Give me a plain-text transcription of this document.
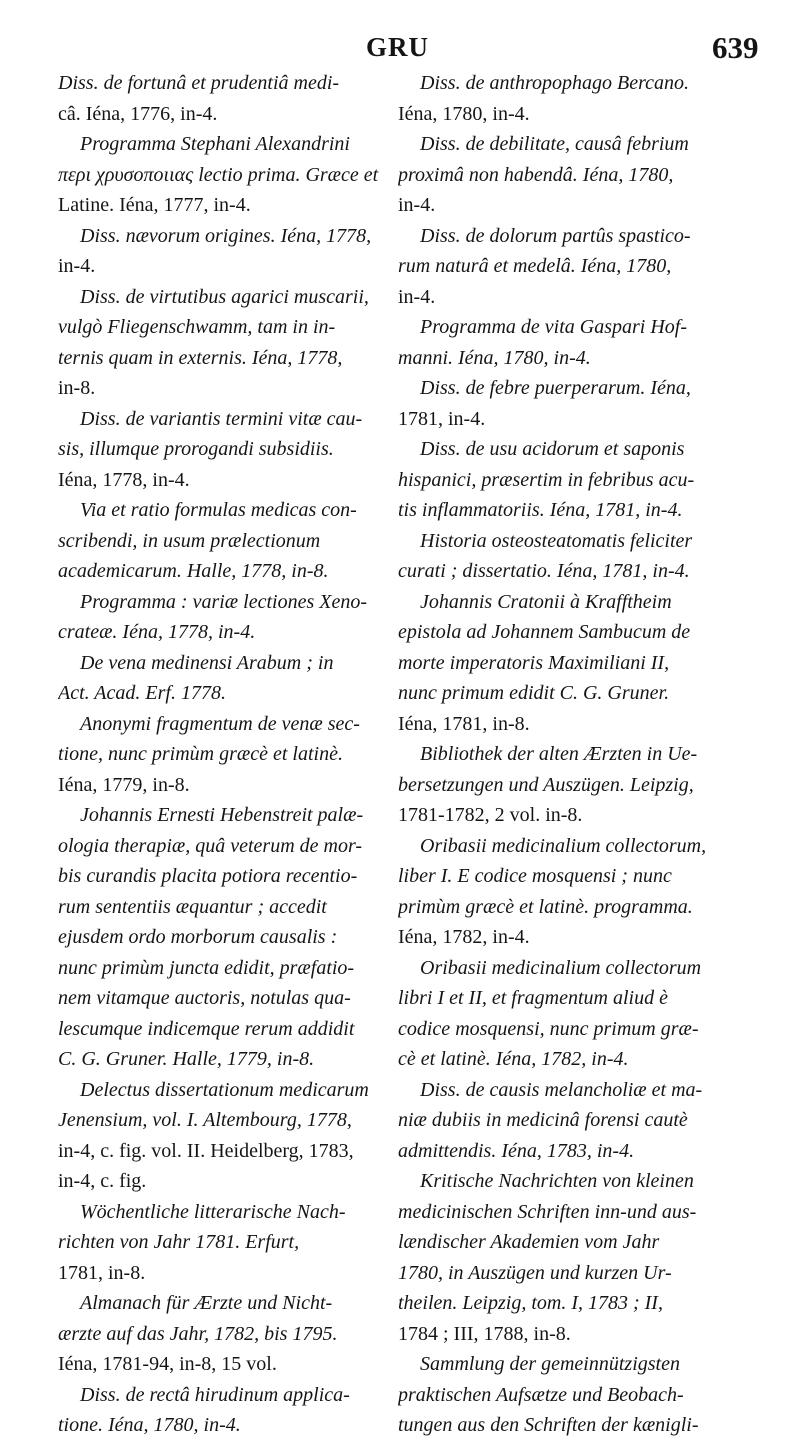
GRU	639
Diss. de fortunâ et prudentiâ medi-
câ. Iéna, 1776, in-4.
Programma Stephani Alexandrini
περι χρυσοποιιας lectio prima. Græce et
Latine. Iéna, 1777, in-4.
Diss. nævorum origines. Iéna, 1778,
in-4.
Diss. de virtutibus agarici muscarii,
vulgò Fliegenschwamm, tam in in-
ternis quam in externis. Iéna, 1778,
in-8.
Diss. de variantis termini vitæ cau-
sis, illumque prorogandi subsidiis.
Iéna, 1778, in-4.
Via et ratio formulas medicas con-
scribendi, in usum prælectionum
academicarum. Halle, 1778, in-8.
Programma : variæ lectiones Xeno-
crateæ. Iéna, 1778, in-4.
De vena medinensi Arabum ; in
Act. Acad. Erf. 1778.
Anonymi fragmentum de venæ sec-
tione, nunc primùm græcè et latinè.
Iéna, 1779, in-8.
Johannis Ernesti Hebenstreit palæ-
ologia therapiæ, quâ veterum de mor-
bis curandis placita potiora recentio-
rum sententiis æquantur ; accedit
ejusdem ordo morborum causalis :
nunc primùm juncta edidit, præfatio-
nem vitamque auctoris, notulas qua-
lescumque indicemque rerum addidit
C. G. Gruner. Halle, 1779, in-8.
Delectus dissertationum medicarum
Jenensium, vol. I. Altembourg, 1778,
in-4, c. fig. vol. II. Heidelberg, 1783,
in-4, c. fig.
Wöchentliche litterarische Nach-
richten von Jahr 1781. Erfurt,
1781, in-8.
Almanach für Ærzte und Nicht-
ærzte auf das Jahr, 1782, bis 1795.
Iéna, 1781-94, in-8, 15 vol.
Diss. de rectâ hirudinum applica-
tione. Iéna, 1780, in-4.
Diss. de anthropophago Bercano.
Iéna, 1780, in-4.
Diss. de debilitate, causâ febrium
proximâ non habendâ. Iéna, 1780,
in-4.
Diss. de dolorum partûs spastico-
rum naturâ et medelâ. Iéna, 1780,
in-4.
Programma de vita Gaspari Hof-
manni. Iéna, 1780, in-4.
Diss. de febre puerperarum. Iéna,
1781, in-4.
Diss. de usu acidorum et saponis
hispanici, præsertim in febribus acu-
tis inflammatoriis. Iéna, 1781, in-4.
Historia osteosteatomatis feliciter
curati ; dissertatio. Iéna, 1781, in-4.
Johannis Cratonii à Krafftheim
epistola ad Johannem Sambucum de
morte imperatoris Maximiliani II,
nunc primum edidit C. G. Gruner.
Iéna, 1781, in-8.
Bibliothek der alten Ærzten in Ue-
bersetzungen und Auszügen. Leipzig,
1781-1782, 2 vol. in-8.
Oribasii medicinalium collectorum,
liber I. E codice mosquensi ; nunc
primùm græcè et latinè. programma.
Iéna, 1782, in-4.
Oribasii medicinalium collectorum
libri I et II, et fragmentum aliud è
codice mosquensi, nunc primum græ-
cè et latinè. Iéna, 1782, in-4.
Diss. de causis melancholiæ et ma-
niæ dubiis in medicinâ forensi cautè
admittendis. Iéna, 1783, in-4.
Kritische Nachrichten von kleinen
medicinischen Schriften inn-und aus-
lændischer Akademien vom Jahr
1780, in Auszügen und kurzen Ur-
theilen. Leipzig, tom. I, 1783 ; II,
1784 ; III, 1788, in-8.
Sammlung der gemeinnützigsten
praktischen Aufsætze und Beobach-
tungen aus den Schriften der kænigli-
